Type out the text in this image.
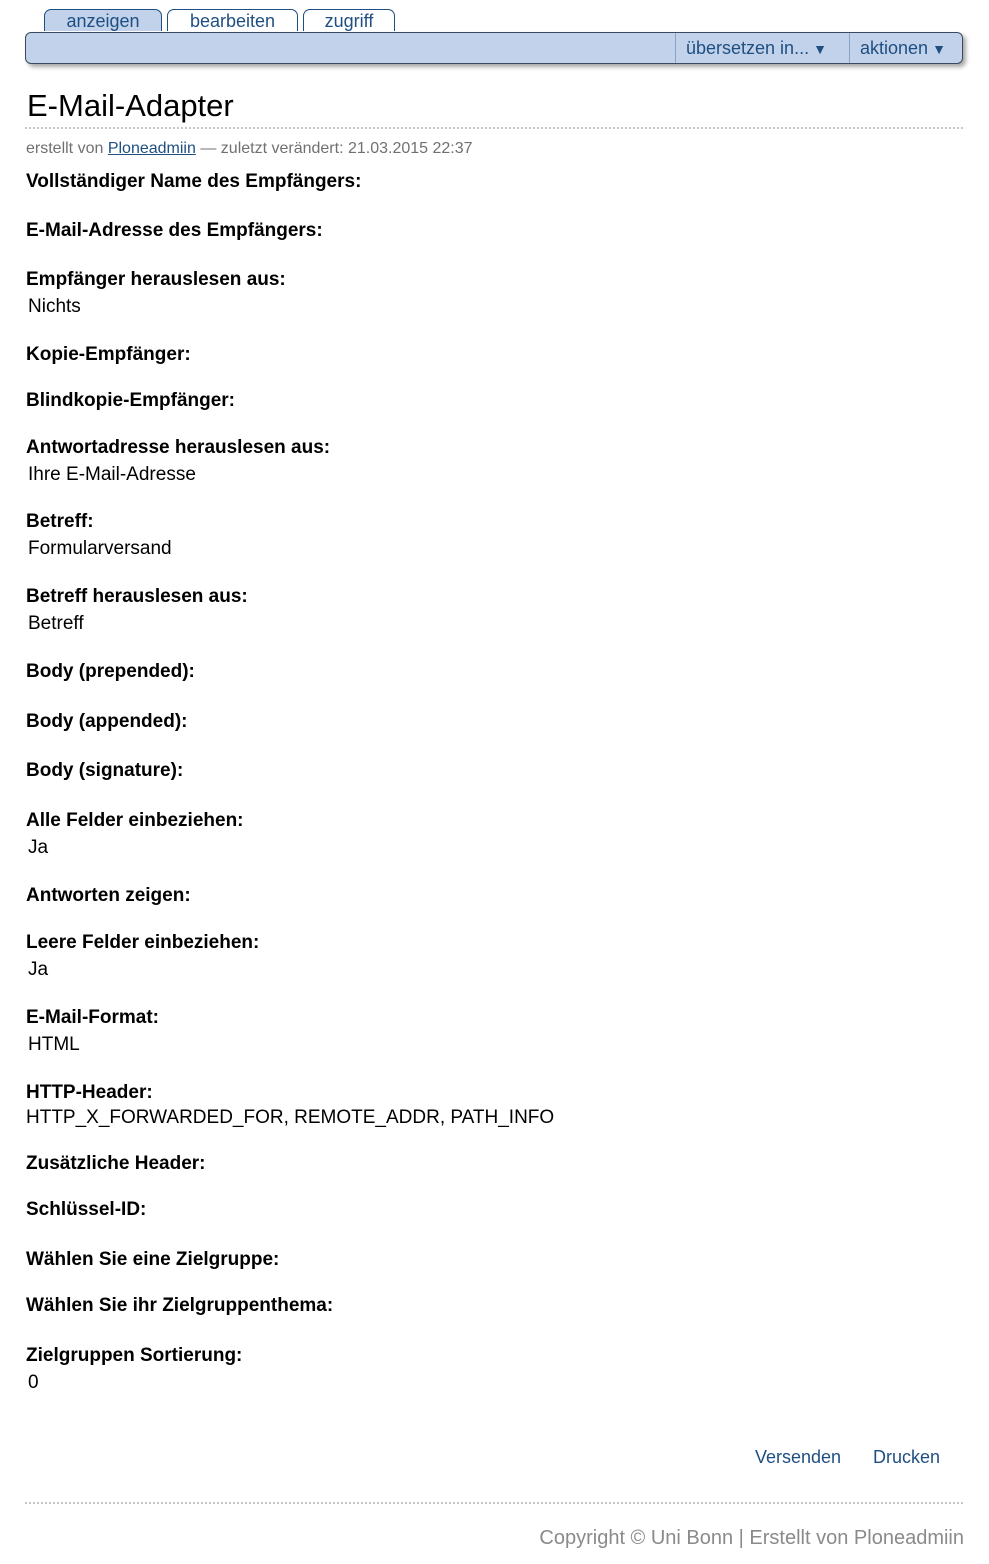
anzeigen	bearbeiten	zugriff
übersetzen in... ▼	aktionen ▼
E-Mail-Adapter
erstellt von Ploneadmiin — zuletzt verändert: 21.03.2015 22:37
Vollständiger Name des Empfängers:
E-Mail-Adresse des Empfängers:
Empfänger herauslesen aus:
Nichts
Kopie-Empfänger:
Blindkopie-Empfänger:
Antwortadresse herauslesen aus:
Ihre E-Mail-Adresse
Betreff:
Formularversand
Betreff herauslesen aus:
Betreff
Body (prepended):
Body (appended):
Body (signature):
Alle Felder einbeziehen:
Ja
Antworten zeigen:
Leere Felder einbeziehen:
Ja
E-Mail-Format:
HTML
HTTP-Header:
HTTP_X_FORWARDED_FOR, REMOTE_ADDR, PATH_INFO
Zusätzliche Header:
Schlüssel-ID:
Wählen Sie eine Zielgruppe:
Wählen Sie ihr Zielgruppenthema:
Zielgruppen Sortierung:
0
Versenden Drucken
Copyright © Uni Bonn | Erstellt von Ploneadmiin
